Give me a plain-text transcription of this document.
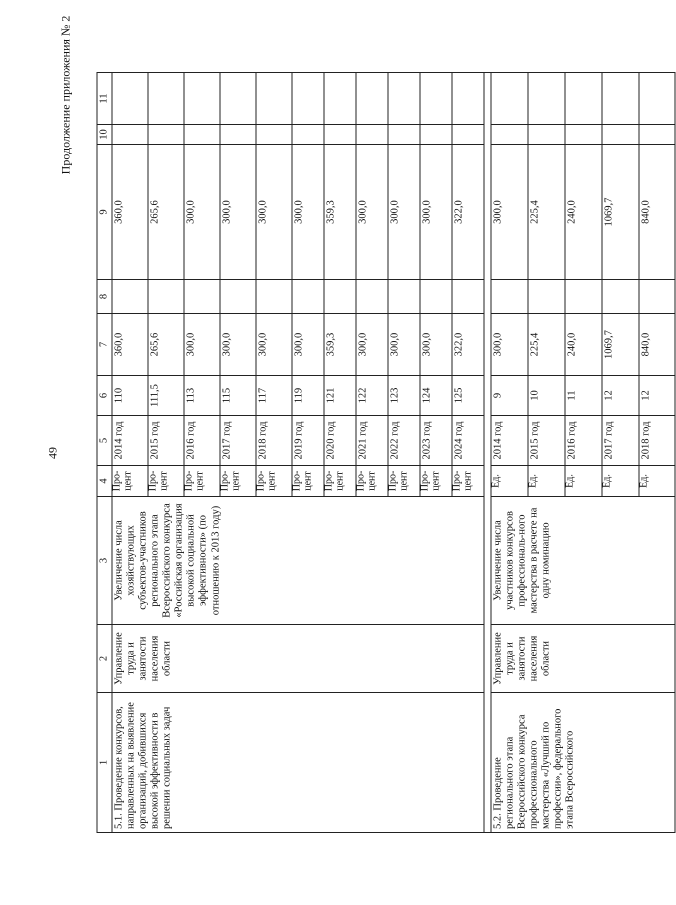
49
Продолжение приложения № 2
1	2	3	4	5	6	7	8	9	10	11
5.1. Проведение конкурсов, направленных на выявление организаций, добившихся высокой эффективности в решении социальных задач	Управление труда и занятости населения области	Увеличение числа хозяйствующих субъектов-участников регионального этапа Всероссийского конкурса «Российская организация высокой социальной эффективности» (по отношению к 2013 году)	Про-цент	2014 год	110	360,0		360,0		
			Про-цент	2015 год	111,5	265,6		265,6		
			Про-цент	2016 год	113	300,0		300,0		
			Про-цент	2017 год	115	300,0		300,0		
			Про-цент	2018 год	117	300,0		300,0		
			Про-цент	2019 год	119	300,0		300,0		
			Про-цент	2020 год	121	359,3		359,3		
			Про-цент	2021 год	122	300,0		300,0		
			Про-цент	2022 год	123	300,0		300,0		
			Про-цент	2023 год	124	300,0		300,0		
			Про-цент	2024 год	125	322,0		322,0		

5.2. Проведение регионального этапа Всероссийского конкурса профессионального мастерства «Лучший по профессии», федерального этапа Всероссийского	Управление труда и занятости населения области	Увеличение числа участников конкурсов профессиональ-ного мастерства в расчете на одну номинацию	Ед.	2014 год	9	300,0		300,0		
			Ед.	2015 год	10	225,4		225,4		
			Ед.	2016 год	11	240,0		240,0		
			Ед.	2017 год	12	1069,7		1069,7		
			Ед.	2018 год	12	840,0		840,0		
